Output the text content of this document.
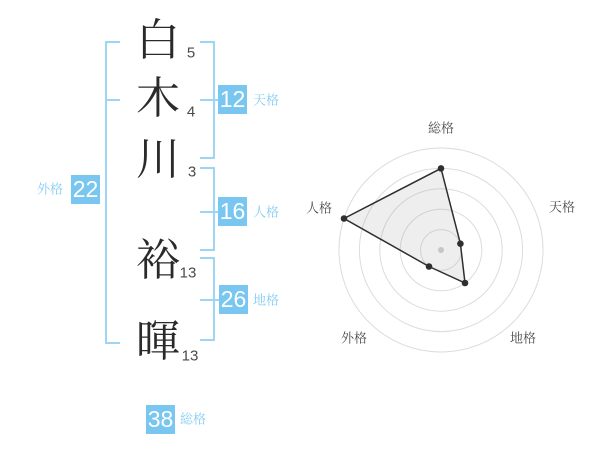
白
木
川
裕
暉
5
4
3
13
13
12 天格
16 人格
26 地格
22
外格
38 総格
総格
天格
地格
外格
人格
